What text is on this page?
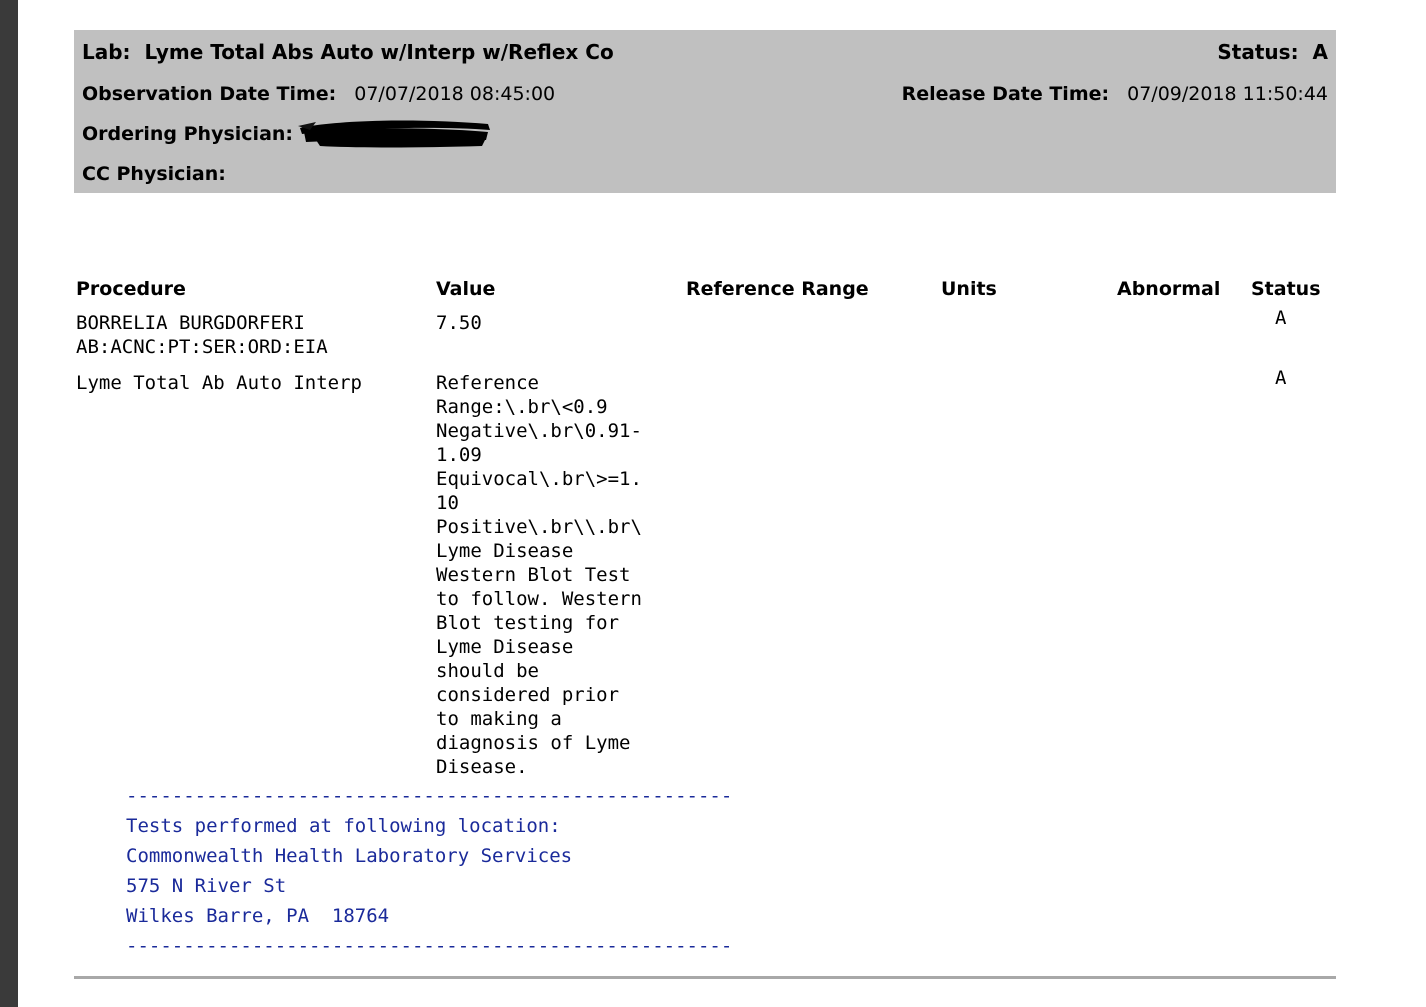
Lab: Lyme Total Abs Auto w/Interp w/Reflex Co	Status: A
Observation Date Time: 07/07/2018 08:45:00	Release Date Time: 07/09/2018 11:50:44
Ordering Physician:
CC Physician:
Procedure	Value	Reference Range	Units	Abnormal Status
BORRELIA BURGDORFERI
AB:ACNC:PT:SER:ORD:EIA
7.50	A
Lyme Total Ab Auto Interp	Reference
Range:\.br\<0.9
Negative\.br\0.91-
1.09
Equivocal\.br\>=1.
10
Positive\.br\\.br\
Lyme Disease
Western Blot Test
to follow. Western
Blot testing for
Lyme Disease
should be
considered prior
to making a
diagnosis of Lyme
Disease.
A
-----------------------------------------------------
Tests performed at following location:
Commonwealth Health Laboratory Services
575 N River St
Wilkes Barre, PA  18764
-----------------------------------------------------
